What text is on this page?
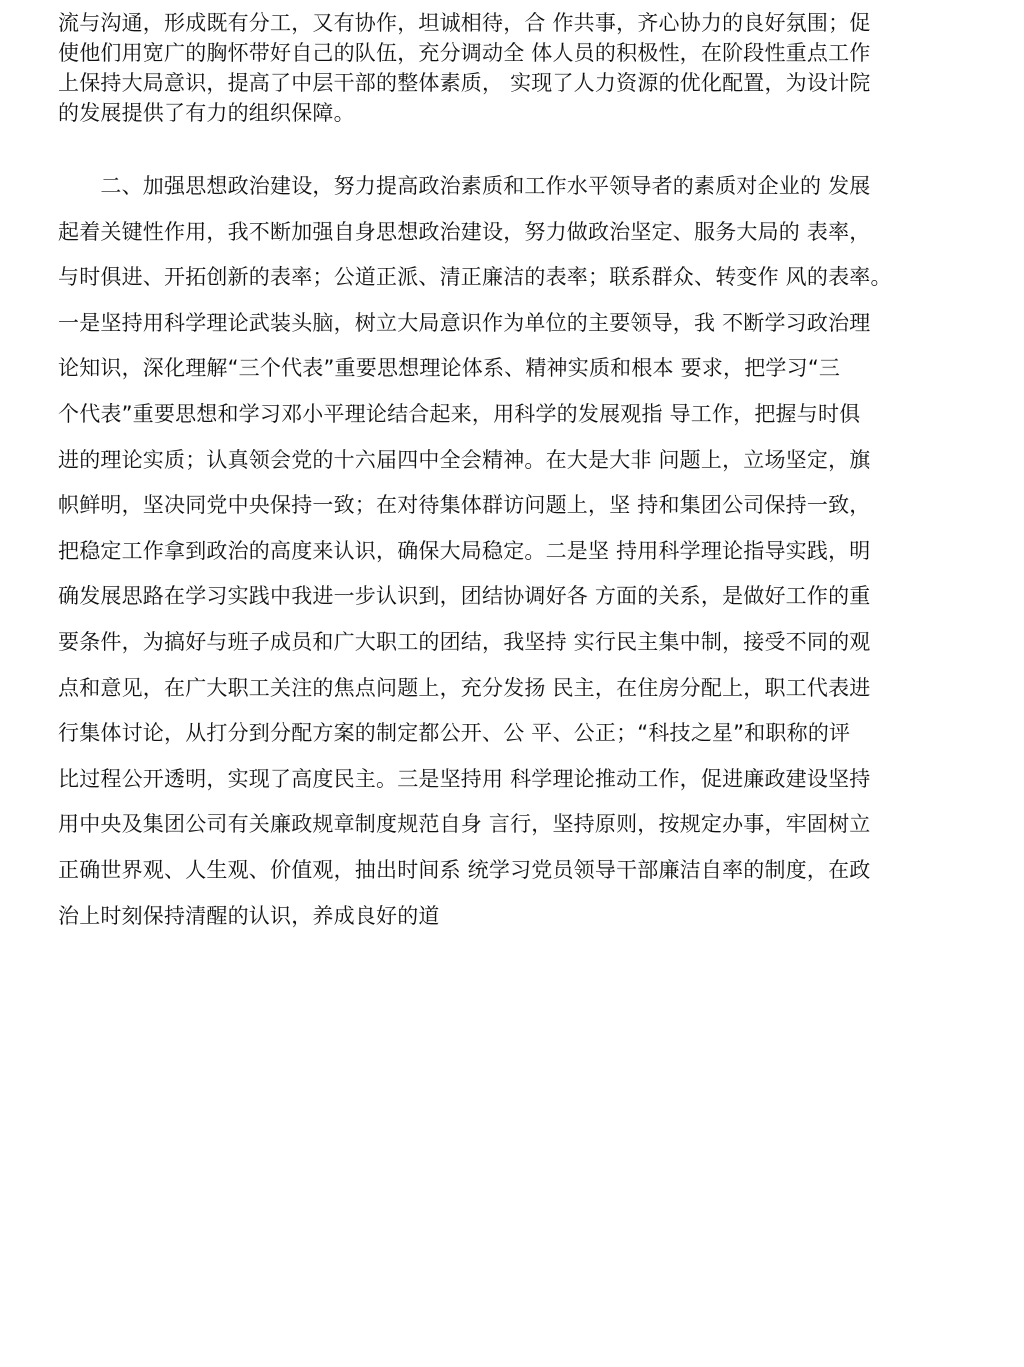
流与沟通，形成既有分工，又有协作，坦诚相待，合 作共事，齐心协力的良好氛围；促
使他们用宽广的胸怀带好自己的队伍，充分调动全 体人员的积极性，在阶段性重点工作
上保持大局意识，提高了中层干部的整体素质， 实现了人力资源的优化配置，为设计院
的发展提供了有力的组织保障。
　　二、加强思想政治建设，努力提高政治素质和工作水平领导者的素质对企业的 发展
起着关键性作用，我不断加强自身思想政治建设，努力做政治坚定、服务大局的 表率，
与时俱进、开拓创新的表率；公道正派、清正廉洁的表率；联系群众、转变作 风的表率。
一是坚持用科学理论武装头脑，树立大局意识作为单位的主要领导，我 不断学习政治理
论知识，深化理解“三个代表”重要思想理论体系、精神实质和根本 要求，把学习“三
个代表”重要思想和学习邓小平理论结合起来，用科学的发展观指 导工作，把握与时俱
进的理论实质；认真领会党的十六届四中全会精神。在大是大非 问题上，立场坚定，旗
帜鲜明，坚决同党中央保持一致；在对待集体群访问题上，坚 持和集团公司保持一致，
把稳定工作拿到政治的高度来认识，确保大局稳定。二是坚 持用科学理论指导实践，明
确发展思路在学习实践中我进一步认识到，团结协调好各 方面的关系，是做好工作的重
要条件，为搞好与班子成员和广大职工的团结，我坚持 实行民主集中制，接受不同的观
点和意见，在广大职工关注的焦点问题上，充分发扬 民主，在住房分配上，职工代表进
行集体讨论，从打分到分配方案的制定都公开、公 平、公正；“科技之星”和职称的评
比过程公开透明，实现了高度民主。三是坚持用 科学理论推动工作，促进廉政建设坚持
用中央及集团公司有关廉政规章制度规范自身 言行，坚持原则，按规定办事，牢固树立
正确世界观、人生观、价值观，抽出时间系 统学习党员领导干部廉洁自率的制度，在政
治上时刻保持清醒的认识，养成良好的道
